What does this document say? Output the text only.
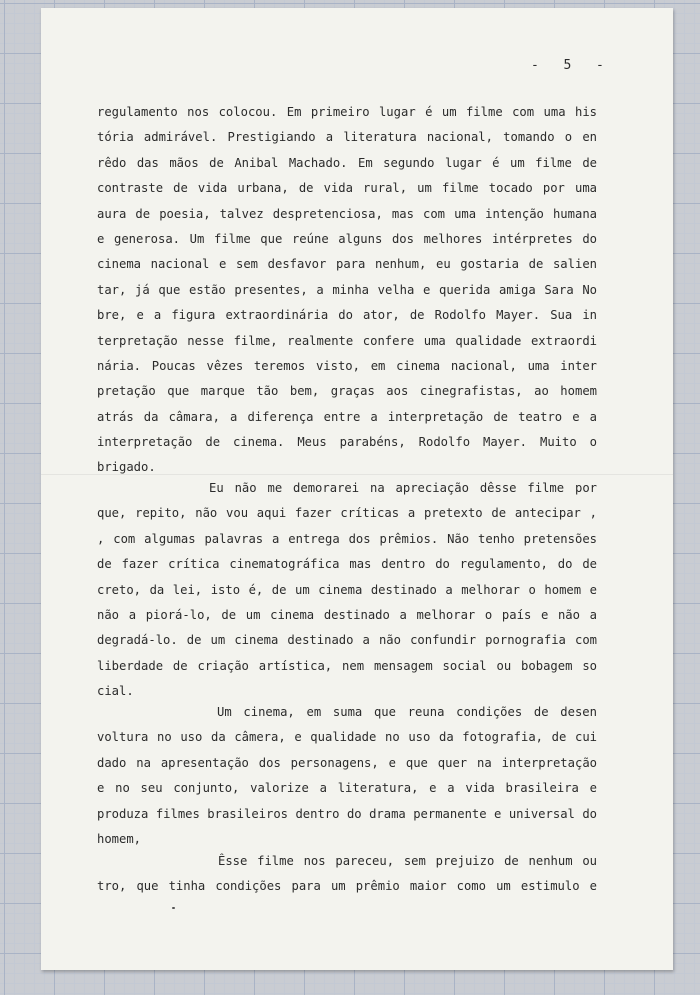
-  5  -
regulamento nos colocou. Em primeiro lugar é um filme com uma his
tória admirável. Prestigiando a literatura nacional, tomando o en
rêdo das mãos de Anibal Machado. Em segundo lugar é um filme de
contraste de vida urbana, de vida rural, um filme tocado por uma
aura de poesia, talvez despretenciosa, mas com uma intenção humana
e generosa. Um filme que reúne alguns dos melhores intérpretes do
cinema nacional e sem desfavor para nenhum, eu gostaria de salien
tar, já que estão presentes, a minha velha e querida amiga Sara No
bre, e a figura extraordinária do ator, de Rodolfo Mayer. Sua in
terpretação nesse filme, realmente confere uma qualidade extraordi
nária. Poucas vêzes teremos visto, em cinema nacional, uma inter
pretação que marque tão bem, graças aos cinegrafistas, ao homem
atrás da câmara, a diferença entre a interpretação de teatro e a
interpretação de cinema. Meus parabéns, Rodolfo Mayer. Muito o
brigado.
Eu não me demorarei na apreciação dêsse filme por
que, repito, não vou aqui fazer críticas a pretexto de antecipar ,
, com algumas palavras a entrega dos prêmios. Não tenho pretensões
de fazer crítica cinematográfica mas dentro do regulamento, do de
creto, da lei, isto é, de um cinema destinado a melhorar o homem e
não a piorá-lo, de um cinema destinado a melhorar o país e não a
degradá-lo. de um cinema destinado a não confundir pornografia com
liberdade de criação artística, nem mensagem social ou bobagem so
cial.
Um cinema, em suma que reuna condições de desen
voltura no uso da câmera, e qualidade no uso da fotografia, de cui
dado na apresentação dos personagens, e que quer na interpretação
e no seu conjunto, valorize a literatura, e a vida brasileira e
produza filmes brasileiros dentro do drama permanente e universal do
homem,
Êsse filme nos pareceu, sem prejuizo de nenhum ou
tro, que tinha condições para um prêmio maior como um estimulo e
